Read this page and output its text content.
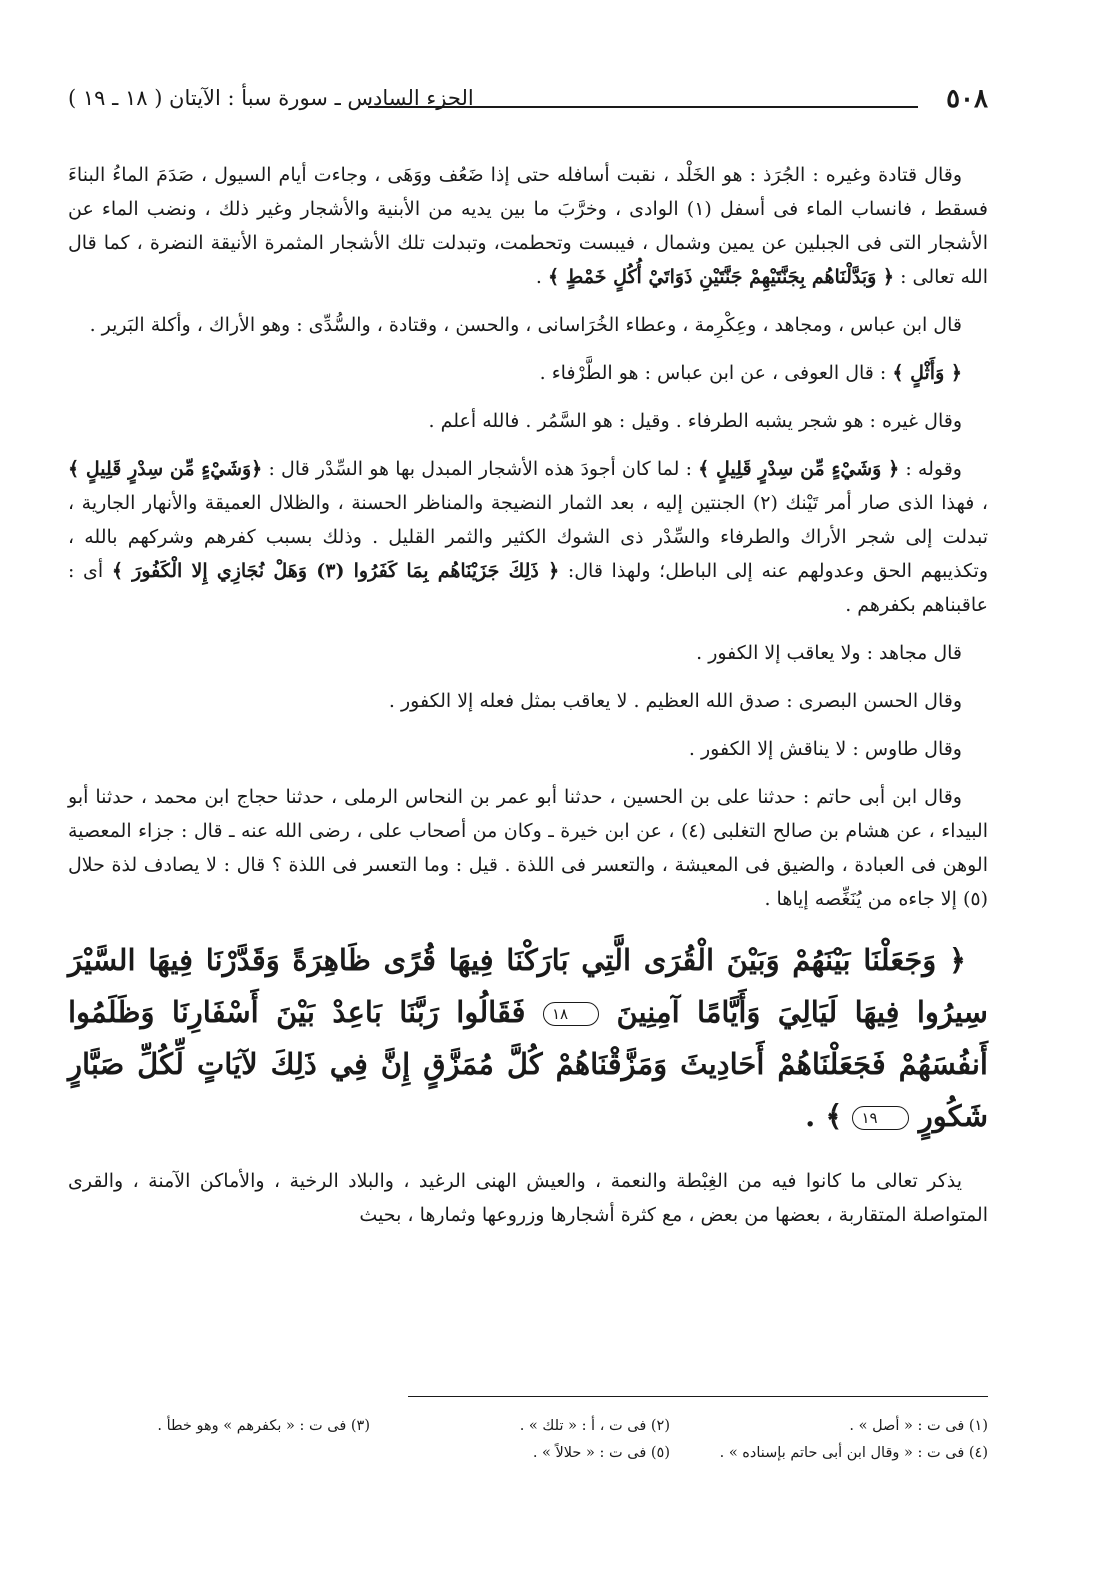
٥٠٨
الجزء السادس ـ سورة سبأ : الآيتان ( ١٨ ـ ١٩ )

وقال قتادة وغيره : الجُرَذ : هو الخَلْد ، نقبت أسافله حتى إذا ضَعُف ووَهَى ، وجاءت أيام السيول ، صَدَمَ الماءُ البناءَ فسقط ، فانساب الماء فى أسفل (١) الوادى ، وخرَّبَ ما بين يديه من الأبنية والأشجار وغير ذلك ، ونضب الماء عن الأشجار التى فى الجبلين عن يمين وشمال ، فيبست وتحطمت، وتبدلت تلك الأشجار المثمرة الأنيقة النضرة ، كما قال الله تعالى : ﴿ وَبَدَّلْنَاهُم بِجَنَّتَيْهِمْ جَنَّتَيْنِ ذَوَاتَيْ أُكُلٍ خَمْطٍ ﴾ .

قال ابن عباس ، ومجاهد ، وعِكْرِمة ، وعطاء الخُرَاسانى ، والحسن ، وقتادة ، والسُّدِّى : وهو الأراك ، وأكلة البَرير .

﴿ وَأَثْلٍ ﴾ : قال العوفى ، عن ابن عباس : هو الطَّرْفاء .

وقال غيره : هو شجر يشبه الطرفاء . وقيل : هو السَّمُر . فالله أعلم .

وقوله : ﴿ وَشَيْءٍ مِّن سِدْرٍ قَلِيلٍ ﴾ : لما كان أجودَ هذه الأشجار المبدل بها هو السِّدْر قال : ﴿وَشَيْءٍ مِّن سِدْرٍ قَلِيلٍ ﴾ ، فهذا الذى صار أمر تَيْنك (٢) الجنتين إليه ، بعد الثمار النضيجة والمناظر الحسنة ، والظلال العميقة والأنهار الجارية ، تبدلت إلى شجر الأراك والطرفاء والسِّدْر ذى الشوك الكثير والثمر القليل . وذلك بسبب كفرهم وشركهم بالله ، وتكذيبهم الحق وعدولهم عنه إلى الباطل؛ ولهذا قال: ﴿ ذَلِكَ جَزَيْنَاهُم بِمَا كَفَرُوا (٣) وَهَلْ نُجَازِي إِلا الْكَفُورَ ﴾ أى : عاقبناهم بكفرهم .

قال مجاهد : ولا يعاقب إلا الكفور .

وقال الحسن البصرى : صدق الله العظيم . لا يعاقب بمثل فعله إلا الكفور .

وقال طاوس : لا يناقش إلا الكفور .

وقال ابن أبى حاتم : حدثنا على بن الحسين ، حدثنا أبو عمر بن النحاس الرملى ، حدثنا حجاج ابن محمد ، حدثنا أبو البيداء ، عن هشام بن صالح التغلبى (٤) ، عن ابن خيرة ـ وكان من أصحاب على ، رضى الله عنه ـ قال : جزاء المعصية الوهن فى العبادة ، والضيق فى المعيشة ، والتعسر فى اللذة . قيل : وما التعسر فى اللذة ؟ قال : لا يصادف لذة حلال (٥) إلا جاءه من يُنَغِّصه إياها .

﴿ وَجَعَلْنَا بَيْنَهُمْ وَبَيْنَ الْقُرَى الَّتِي بَارَكْنَا فِيهَا قُرًى ظَاهِرَةً وَقَدَّرْنَا فِيهَا السَّيْرَ سِيرُوا فِيهَا لَيَالِيَ وَأَيَّامًا آمِنِينَ ١٨ فَقَالُوا رَبَّنَا بَاعِدْ بَيْنَ أَسْفَارِنَا وَظَلَمُوا أَنفُسَهُمْ فَجَعَلْنَاهُمْ أَحَادِيثَ وَمَزَّقْنَاهُمْ كُلَّ مُمَزَّقٍ إِنَّ فِي ذَلِكَ لآيَاتٍ لِّكُلِّ صَبَّارٍ شَكُورٍ ١٩ ﴾ .

يذكر تعالى ما كانوا فيه من الغِبْطة والنعمة ، والعيش الهنى الرغيد ، والبلاد الرخية ، والأماكن الآمنة ، والقرى المتواصلة المتقاربة ، بعضها من بعض ، مع كثرة أشجارها وزروعها وثمارها ، بحيث

(١) فى ت : « أصل » .
(٢) فى ت ، أ : « تلك » .
(٣) فى ت : « بكفرهم » وهو خطأ .
(٤) فى ت : « وقال ابن أبى حاتم بإسناده » .
(٥) فى ت : « حلالاً » .
